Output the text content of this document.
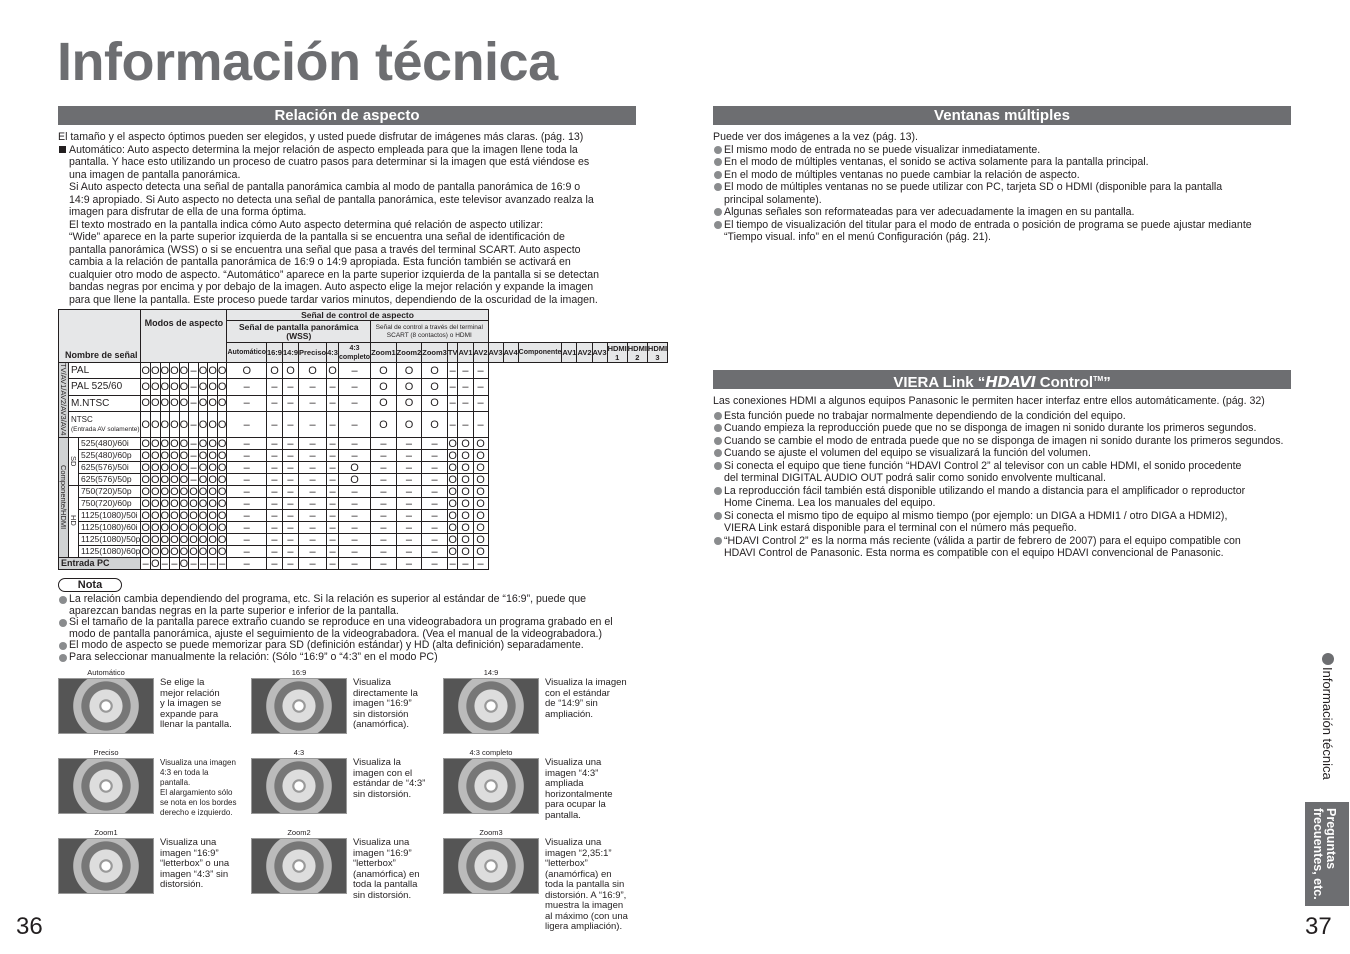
Información técnica
Relación de aspecto

El tamaño y el aspecto óptimos pueden ser elegidos, y usted puede disfrutar de imágenes más claras. (pág. 13)

Automático: Auto aspecto determina la mejor relación de aspecto empleada para que la imagen llene toda la

pantalla. Y hace esto utilizando un proceso de cuatro pasos para determinar si la imagen que está viéndose es

una imagen de pantalla panorámica.

Si Auto aspecto detecta una señal de pantalla panorámica cambia al modo de pantalla panorámica de 16:9 o

14:9 apropiado. Si Auto aspecto no detecta una señal de pantalla panorámica, este televisor avanzado realza la

imagen para disfrutar de ella de una forma óptima.

El texto mostrado en la pantalla indica cómo Auto aspecto determina qué relación de aspecto utilizar:

“Wide” aparece en la parte superior izquierda de la pantalla si se encuentra una señal de identificación de

pantalla panorámica (WSS) o si se encuentra una señal que pasa a través del terminal SCART. Auto aspecto

cambia a la relación de pantalla panorámica de 16:9 o 14:9 apropiada. Esta función también se activará en

cualquier otro modo de aspecto. “Automático” aparece en la parte superior izquierda de la pantalla si se detectan

bandas negras por encima y por debajo de la imagen. Auto aspecto elige la mejor relación y expande la imagen

para que llene la pantalla. Este proceso puede tardar varios minutos, dependiendo de la oscuridad de la imagen.

Nombre de señal			Modos de aspecto									Señal de control de aspecto																				
												Señal de pantalla panorámica (WSS)						Señal de control a través del terminal SCART (8 contactos) o HDMI														
												Automático	16:9	14:9	Preciso	4:3	4:3 completo	Zoom1	Zoom2	Zoom3	TV	AV1	AV2	AV3	AV4	Componente	AV1	AV2	AV3	HDMI 1	HDMI 2	HDMI 3
TV/AV1/AV2/AV3/AV4	PAL		O	O	O	O	O	–	O	O	O	O	O	O	O	O	–	O	O	O	–	–	–									
	PAL 525/60		O	O	O	O	O	–	O	O	O	–	–	–	–	–	–	O	O	O	–	–	–									
	M.NTSC		O	O	O	O	O	–	O	O	O	–	–	–	–	–	–	O	O	O	–	–	–									
	NTSC
(Entrada AV solamente)		O	O	O	O	O	–	O	O	O	–	–	–	–	–	–	O	O	O	–	–	–									
Componente/HDMI	SD	525(480)/60i	O	O	O	O	O	–	O	O	O	–	–	–	–	–	–	–	–	–	O	O	O									
		525(480)/60p	O	O	O	O	O	–	O	O	O	–	–	–	–	–	–	–	–	–	O	O	O									
		625(576)/50i	O	O	O	O	O	–	O	O	O	–	–	–	–	–	O	–	–	–	O	O	O									
		625(576)/50p	O	O	O	O	O	–	O	O	O	–	–	–	–	–	O	–	–	–	O	O	O									
	HD	750(720)/50p	O	O	O	O	O	O	O	O	O	–	–	–	–	–	–	–	–	–	O	O	O									
		750(720)/60p	O	O	O	O	O	O	O	O	O	–	–	–	–	–	–	–	–	–	O	O	O									
		1125(1080)/50i	O	O	O	O	O	O	O	O	O	–	–	–	–	–	–	–	–	–	O	O	O									
		1125(1080)/60i	O	O	O	O	O	O	O	O	O	–	–	–	–	–	–	–	–	–	O	O	O									
		1125(1080)/50p	O	O	O	O	O	O	O	O	O	–	–	–	–	–	–	–	–	–	O	O	O									
		1125(1080)/60p	O	O	O	O	O	O	O	O	O	–	–	–	–	–	–	–	–	–	O	O	O									
Entrada PC			–	O	–	–	O	–	–	–	–	–	–	–	–	–	–	–	–	–	–	–	–									
Nota

La relación cambia dependiendo del programa, etc. Si la relación es superior al estándar de “16:9”, puede que

aparezcan bandas negras en la parte superior e inferior de la pantalla.

Si el tamaño de la pantalla parece extraño cuando se reproduce en una videograbadora un programa grabado en el

modo de pantalla panorámica, ajuste el seguimiento de la videograbadora. (Vea el manual de la videograbadora.)

El modo de aspecto se puede memorizar para SD (definición estándar) y HD (alta definición) separadamente.

Para seleccionar manualmente la relación: (Sólo “16:9” o “4:3” en el modo PC)

Automático

Se elige la

mejor relación

y la imagen se

expande para

llenar la pantalla.

16:9

Visualiza

directamente la

imagen “16:9”

sin distorsión

(anamórfica).

14:9

Visualiza la imagen

con el estándar

de “14:9” sin

ampliación.

Preciso

Visualiza una imagen

4:3 en toda la

pantalla.

El alargamiento sólo

se nota en los bordes

derecho e izquierdo.

4:3

Visualiza la

imagen con el

estándar de “4:3”

sin distorsión.

4:3 completo

Visualiza una

imagen “4:3”

ampliada

horizontalmente

para ocupar la

pantalla.

Zoom1

Visualiza una

imagen “16:9”

“letterbox” o una

imagen “4:3” sin

distorsión.

Zoom2

Visualiza una

imagen “16:9”

“letterbox”

(anamórfica) en

toda la pantalla

sin distorsión.

Zoom3

Visualiza una

imagen “2,35:1”

“letterbox”

(anamórfica) en

toda la pantalla sin

distorsión. A “16:9”,

muestra la imagen

al máximo (con una

ligera ampliación).

36
Ventanas múltiples

Puede ver dos imágenes a la vez (pág. 13).

El mismo modo de entrada no se puede visualizar inmediatamente.

En el modo de múltiples ventanas, el sonido se activa solamente para la pantalla principal.

En el modo de múltiples ventanas no puede cambiar la relación de aspecto.

El modo de múltiples ventanas no se puede utilizar con PC, tarjeta SD o HDMI (disponible para la pantalla

principal solamente).

Algunas señales son reformateadas para ver adecuadamente la imagen en su pantalla.

El tiempo de visualización del titular para el modo de entrada o posición de programa se puede ajustar mediante

“Tiempo visual. info” en el menú Configuración (pág. 21).

VIERA Link “HDAVI Control™”

Las conexiones HDMI a algunos equipos Panasonic le permiten hacer interfaz entre ellos automáticamente. (pág. 32)

Esta función puede no trabajar normalmente dependiendo de la condición del equipo.

Cuando empieza la reproducción puede que no se disponga de imagen ni sonido durante los primeros segundos.

Cuando se cambie el modo de entrada puede que no se disponga de imagen ni sonido durante los primeros segundos.

Cuando se ajuste el volumen del equipo se visualizará la función del volumen.

Si conecta el equipo que tiene función “HDAVI Control 2” al televisor con un cable HDMI, el sonido procedente

del terminal DIGITAL AUDIO OUT podrá salir como sonido envolvente multicanal.

La reproducción fácil también está disponible utilizando el mando a distancia para el amplificador o reproductor

Home Cinema. Lea los manuales del equipo.

Si conecta el mismo tipo de equipo al mismo tiempo (por ejemplo: un DIGA a HDMI1 / otro DIGA a HDMI2),

VIERA Link estará disponible para el terminal con el número más pequeño.

“HDAVI Control 2” es la norma más reciente (válida a partir de febrero de 2007) para el equipo compatible con

HDAVI Control de Panasonic. Esta norma es compatible con el equipo HDAVI convencional de Panasonic.

Información técnica
Preguntas frecuentes, etc.
37
